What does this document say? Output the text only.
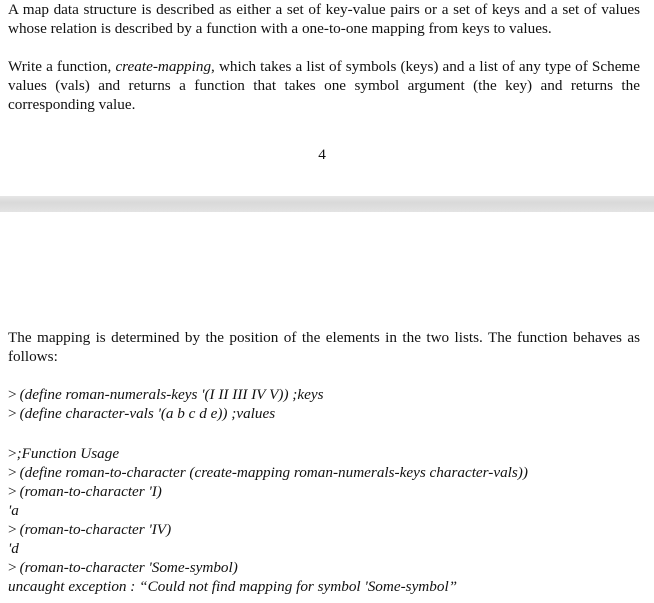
A map data structure is described as either a set of key-value pairs or a set of keys and a set of values whose relation is described by a function with a one-to-one mapping from keys to values.

Write a function, create-mapping, which takes a list of symbols (keys) and a list of any type of Scheme values (vals) and returns a function that takes one symbol argument (the key) and returns the corresponding value.

4

The mapping is determined by the position of the elements in the two lists. The function behaves as follows:

> (define roman-numerals-keys '(I II III IV V)) ;keys
> (define character-vals '(a b c d e)) ;values
>;Function Usage
> (define roman-to-character (create-mapping roman-numerals-keys character-vals))
> (roman-to-character 'I)
'a
> (roman-to-character 'IV)
'd
> (roman-to-character 'Some-symbol)
uncaught exception : “Could not find mapping for symbol 'Some-symbol”
